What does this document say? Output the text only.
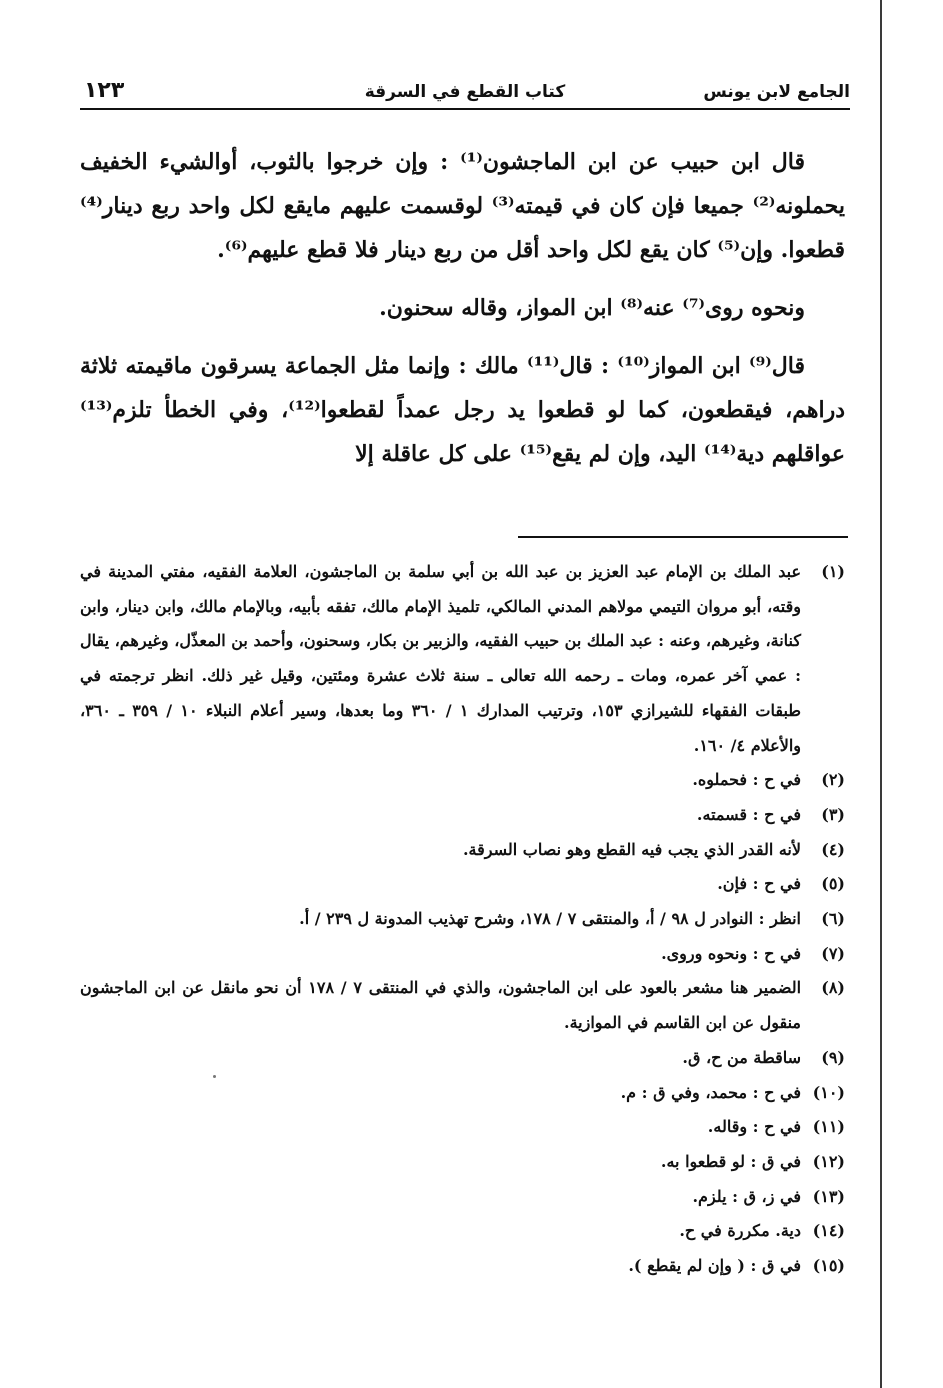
الجامع لابن يونس
كتاب القطع في السرقة
١٢٣

قال ابن حبيب عن ابن الماجشون⁽¹⁾ : وإن خرجوا بالثوب، أوالشيء الخفيف يحملونه⁽²⁾ جميعا فإن كان في قيمته⁽³⁾ لوقسمت عليهم مايقع لكل واحد ربع دينار⁽⁴⁾ قطعوا. وإن⁽⁵⁾ كان يقع لكل واحد أقل من ربع دينار فلا قطع عليهم⁽⁶⁾.

ونحوه روى⁽⁷⁾ عنه⁽⁸⁾ ابن المواز، وقاله سحنون.

قال⁽⁹⁾ ابن المواز⁽¹⁰⁾ : قال⁽¹¹⁾ مالك : وإنما مثل الجماعة يسرقون ماقيمته ثلاثة دراهم، فيقطعون، كما لو قطعوا يد رجل عمداً لقطعوا⁽¹²⁾، وفي الخطأ تلزم⁽¹³⁾ عواقلهم دية⁽¹⁴⁾ اليد، وإن لم يقع⁽¹⁵⁾ على كل عاقلة إلا

(١)
عبد الملك بن الإمام عبد العزيز بن عبد الله بن أبي سلمة بن الماجشون، العلامة الفقيه، مفتي المدينة في وقته، أبو مروان التيمي مولاهم المدني المالكي، تلميذ الإمام مالك، تفقه بأبيه، وبالإمام مالك، وابن دينار، وابن كنانة، وغيرهم، وعنه : عبد الملك بن حبيب الفقيه، والزبير بن بكار، وسحنون، وأحمد بن المعذّل، وغيرهم، يقال : عمي آخر عمره، ومات ـ رحمه الله تعالى ـ سنة ثلاث عشرة ومئتين، وقيل غير ذلك. انظر ترجمته في طبقات الفقهاء للشيرازي ١٥٣، وترتيب المدارك ١ / ٣٦٠ وما بعدها، وسير أعلام النبلاء ١٠ / ٣٥٩ ـ ٣٦٠، والأعلام ٤/ ١٦٠.
(٢)
في ح : فحملوه.
(٣)
في ح : قسمته.
(٤)
لأنه القدر الذي يجب فيه القطع وهو نصاب السرقة.
(٥)
في ح : فإن.
(٦)
انظر : النوادر ل ٩٨ / أ، والمنتقى ٧ / ١٧٨، وشرح تهذيب المدونة ل ٢٣٩ / أ.
(٧)
في ح : ونحوه وروى.
(٨)
الضمير هنا مشعر بالعود على ابن الماجشون، والذي في المنتقى ٧ / ١٧٨ أن نحو مانقل عن ابن الماجشون منقول عن ابن القاسم في الموازية.
(٩)
ساقطة من ح، ق.
(١٠)
في ح : محمد، وفي ق : م.
(١١)
في ح : وقاله.
(١٢)
في ق : لو قطعوا به.
(١٣)
في ز، ق : يلزم.
(١٤)
دية. مكررة في ح.
(١٥)
في ق : ( وإن لم يقطع ).
